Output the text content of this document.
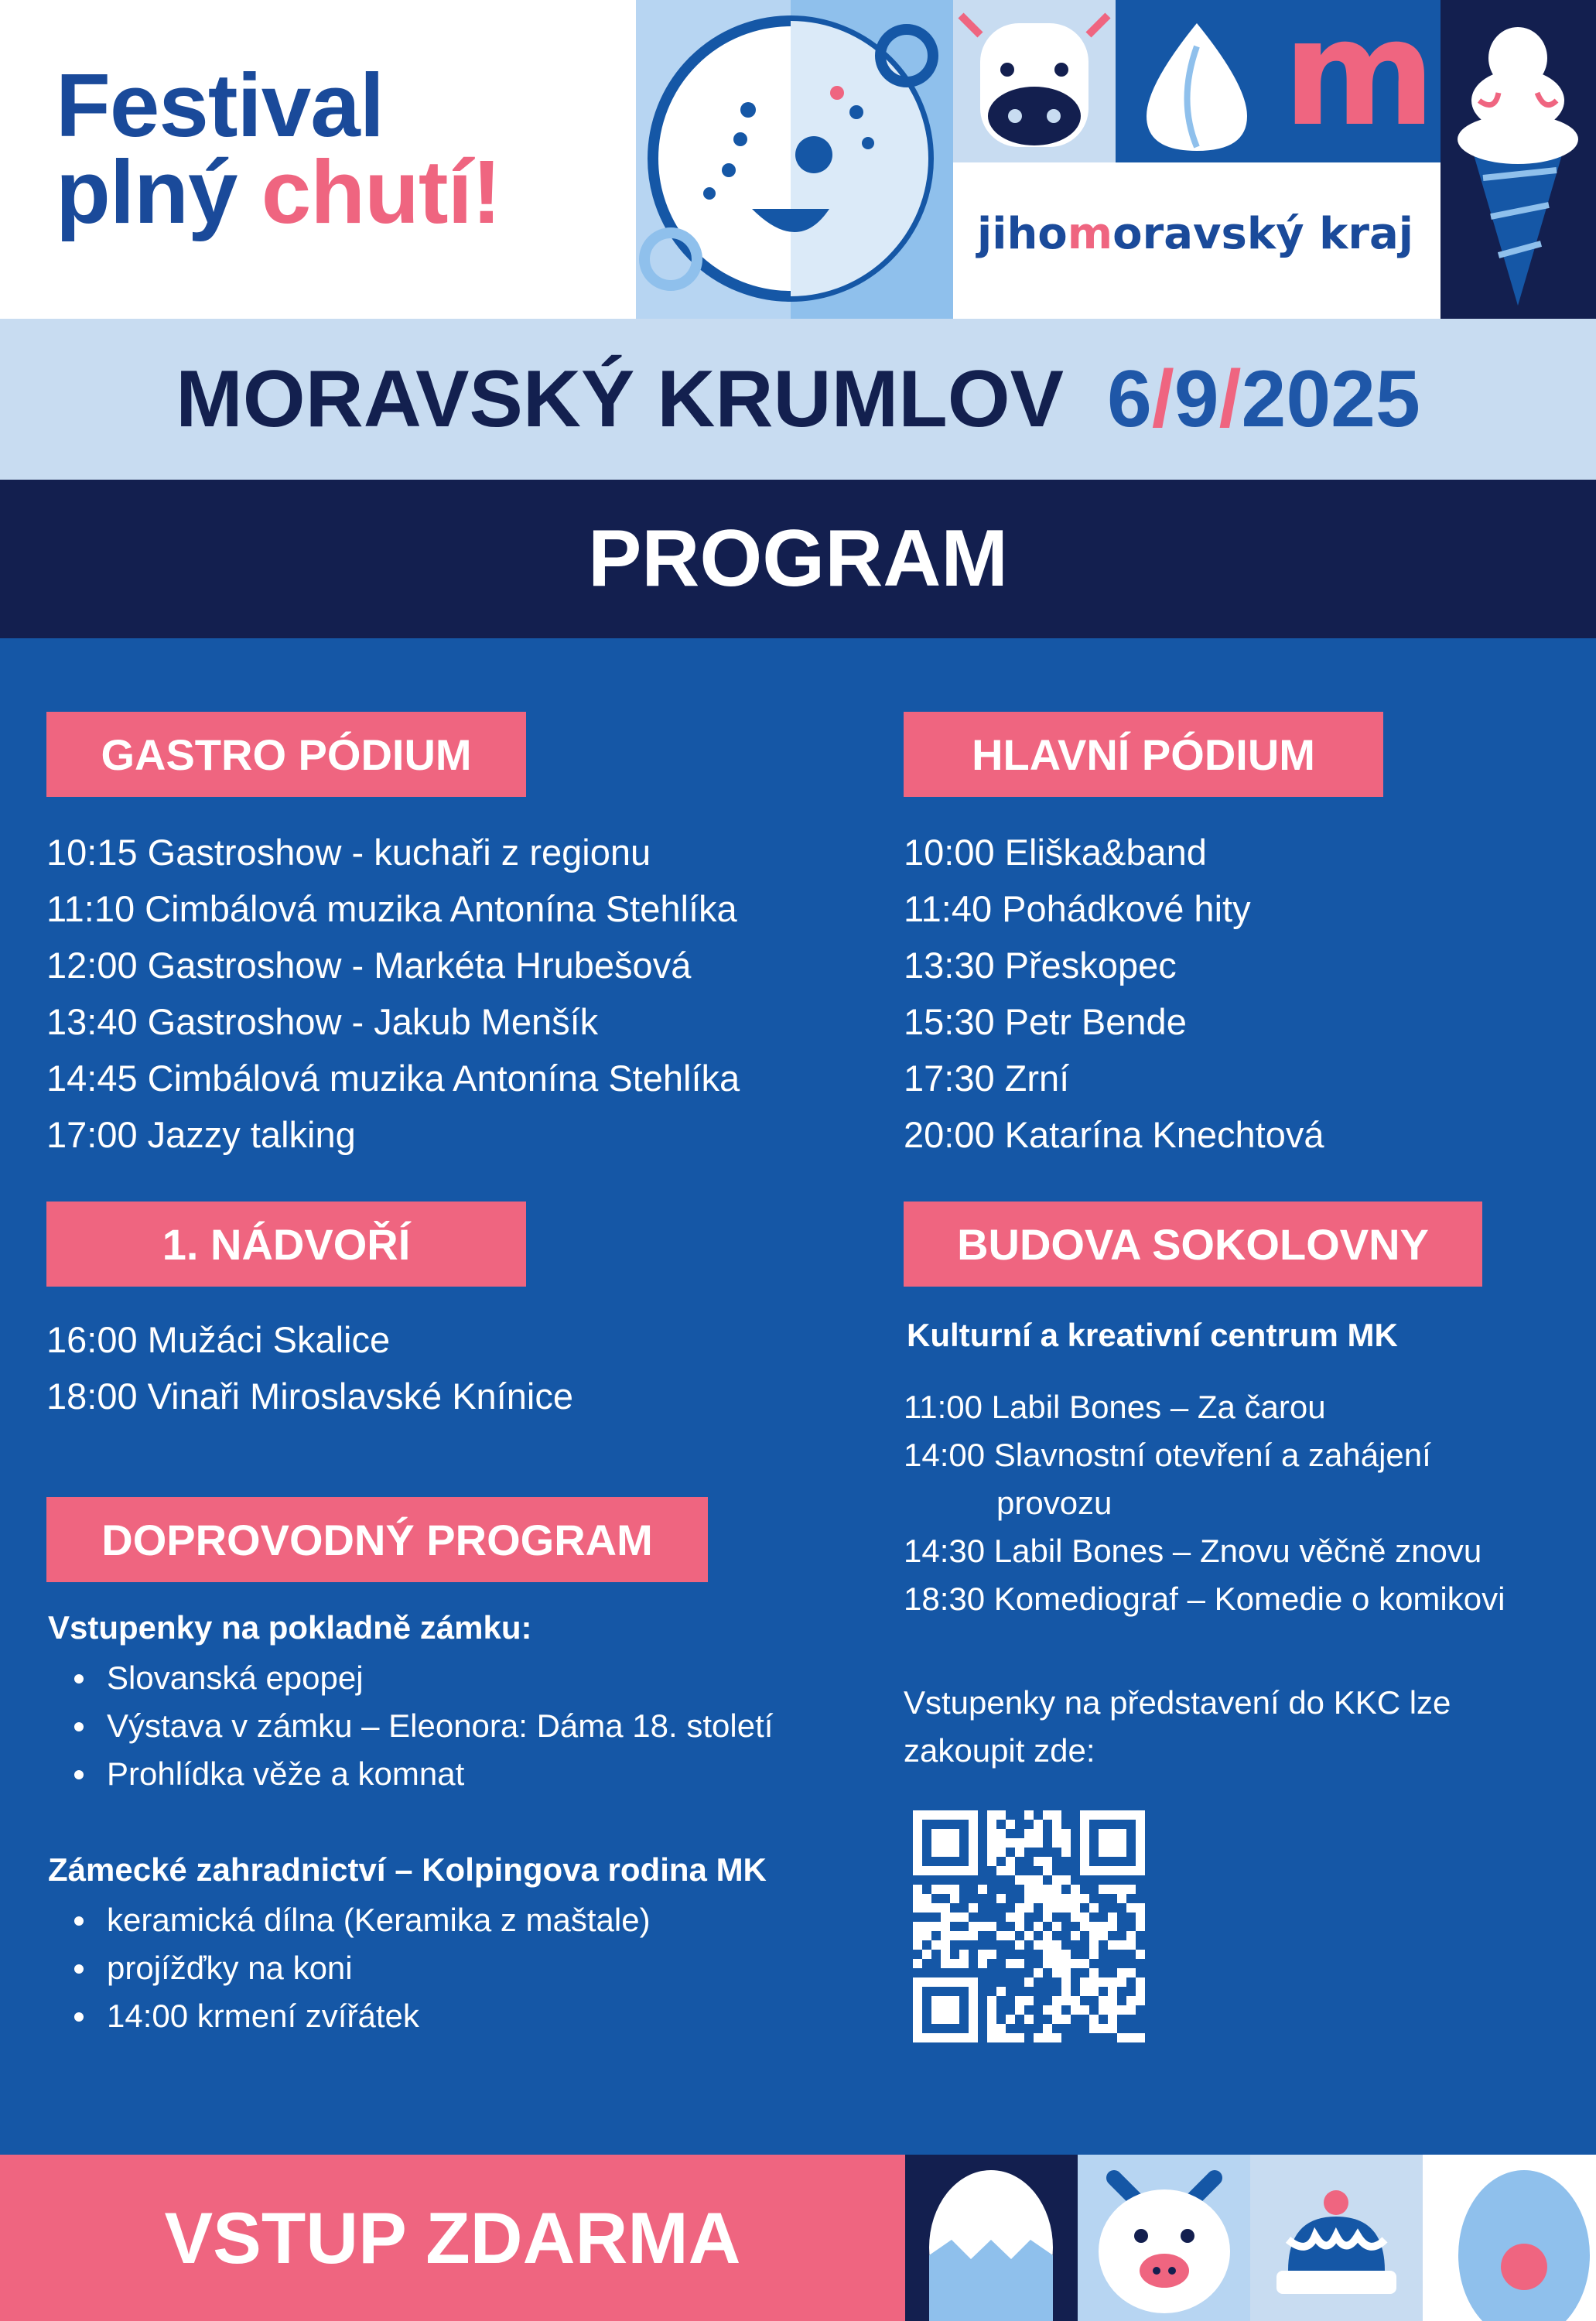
Festival
plný chutí!
m
jihomoravský kraj
MORAVSKÝ KRUMLOV 6/9/2025
PROGRAM
GASTRO PÓDIUM
10:15 Gastroshow - kuchaři z regionu
11:10 Cimbálová muzika Antonína Stehlíka
12:00 Gastroshow - Markéta Hrubešová
13:40 Gastroshow - Jakub Menšík
14:45 Cimbálová muzika Antonína Stehlíka
17:00 Jazzy talking
HLAVNÍ PÓDIUM
10:00 Eliška&band
11:40 Pohádkové hity
13:30 Přeskopec
15:30 Petr Bende
17:30 Zrní
20:00 Katarína Knechtová
1. NÁDVOŘÍ
16:00 Mužáci Skalice
18:00 Vinaři Miroslavské Knínice
BUDOVA SOKOLOVNY
Kulturní a kreativní centrum MK
11:00 Labil Bones – Za čarou
14:00 Slavnostní otevření a zahájení
provozu
14:30 Labil Bones – Znovu věčně znovu
18:30 Komediograf – Komedie o komikovi
Vstupenky na představení do KKC lze
zakoupit zde:
DOPROVODNÝ PROGRAM
Vstupenky na pokladně zámku:
Slovanská epopej
Výstava v zámku – Eleonora: Dáma 18. století
Prohlídka věže a komnat
Zámecké zahradnictví – Kolpingova rodina MK
keramická dílna (Keramika z maštale)
projížďky na koni
14:00 krmení zvířátek
VSTUP ZDARMA
